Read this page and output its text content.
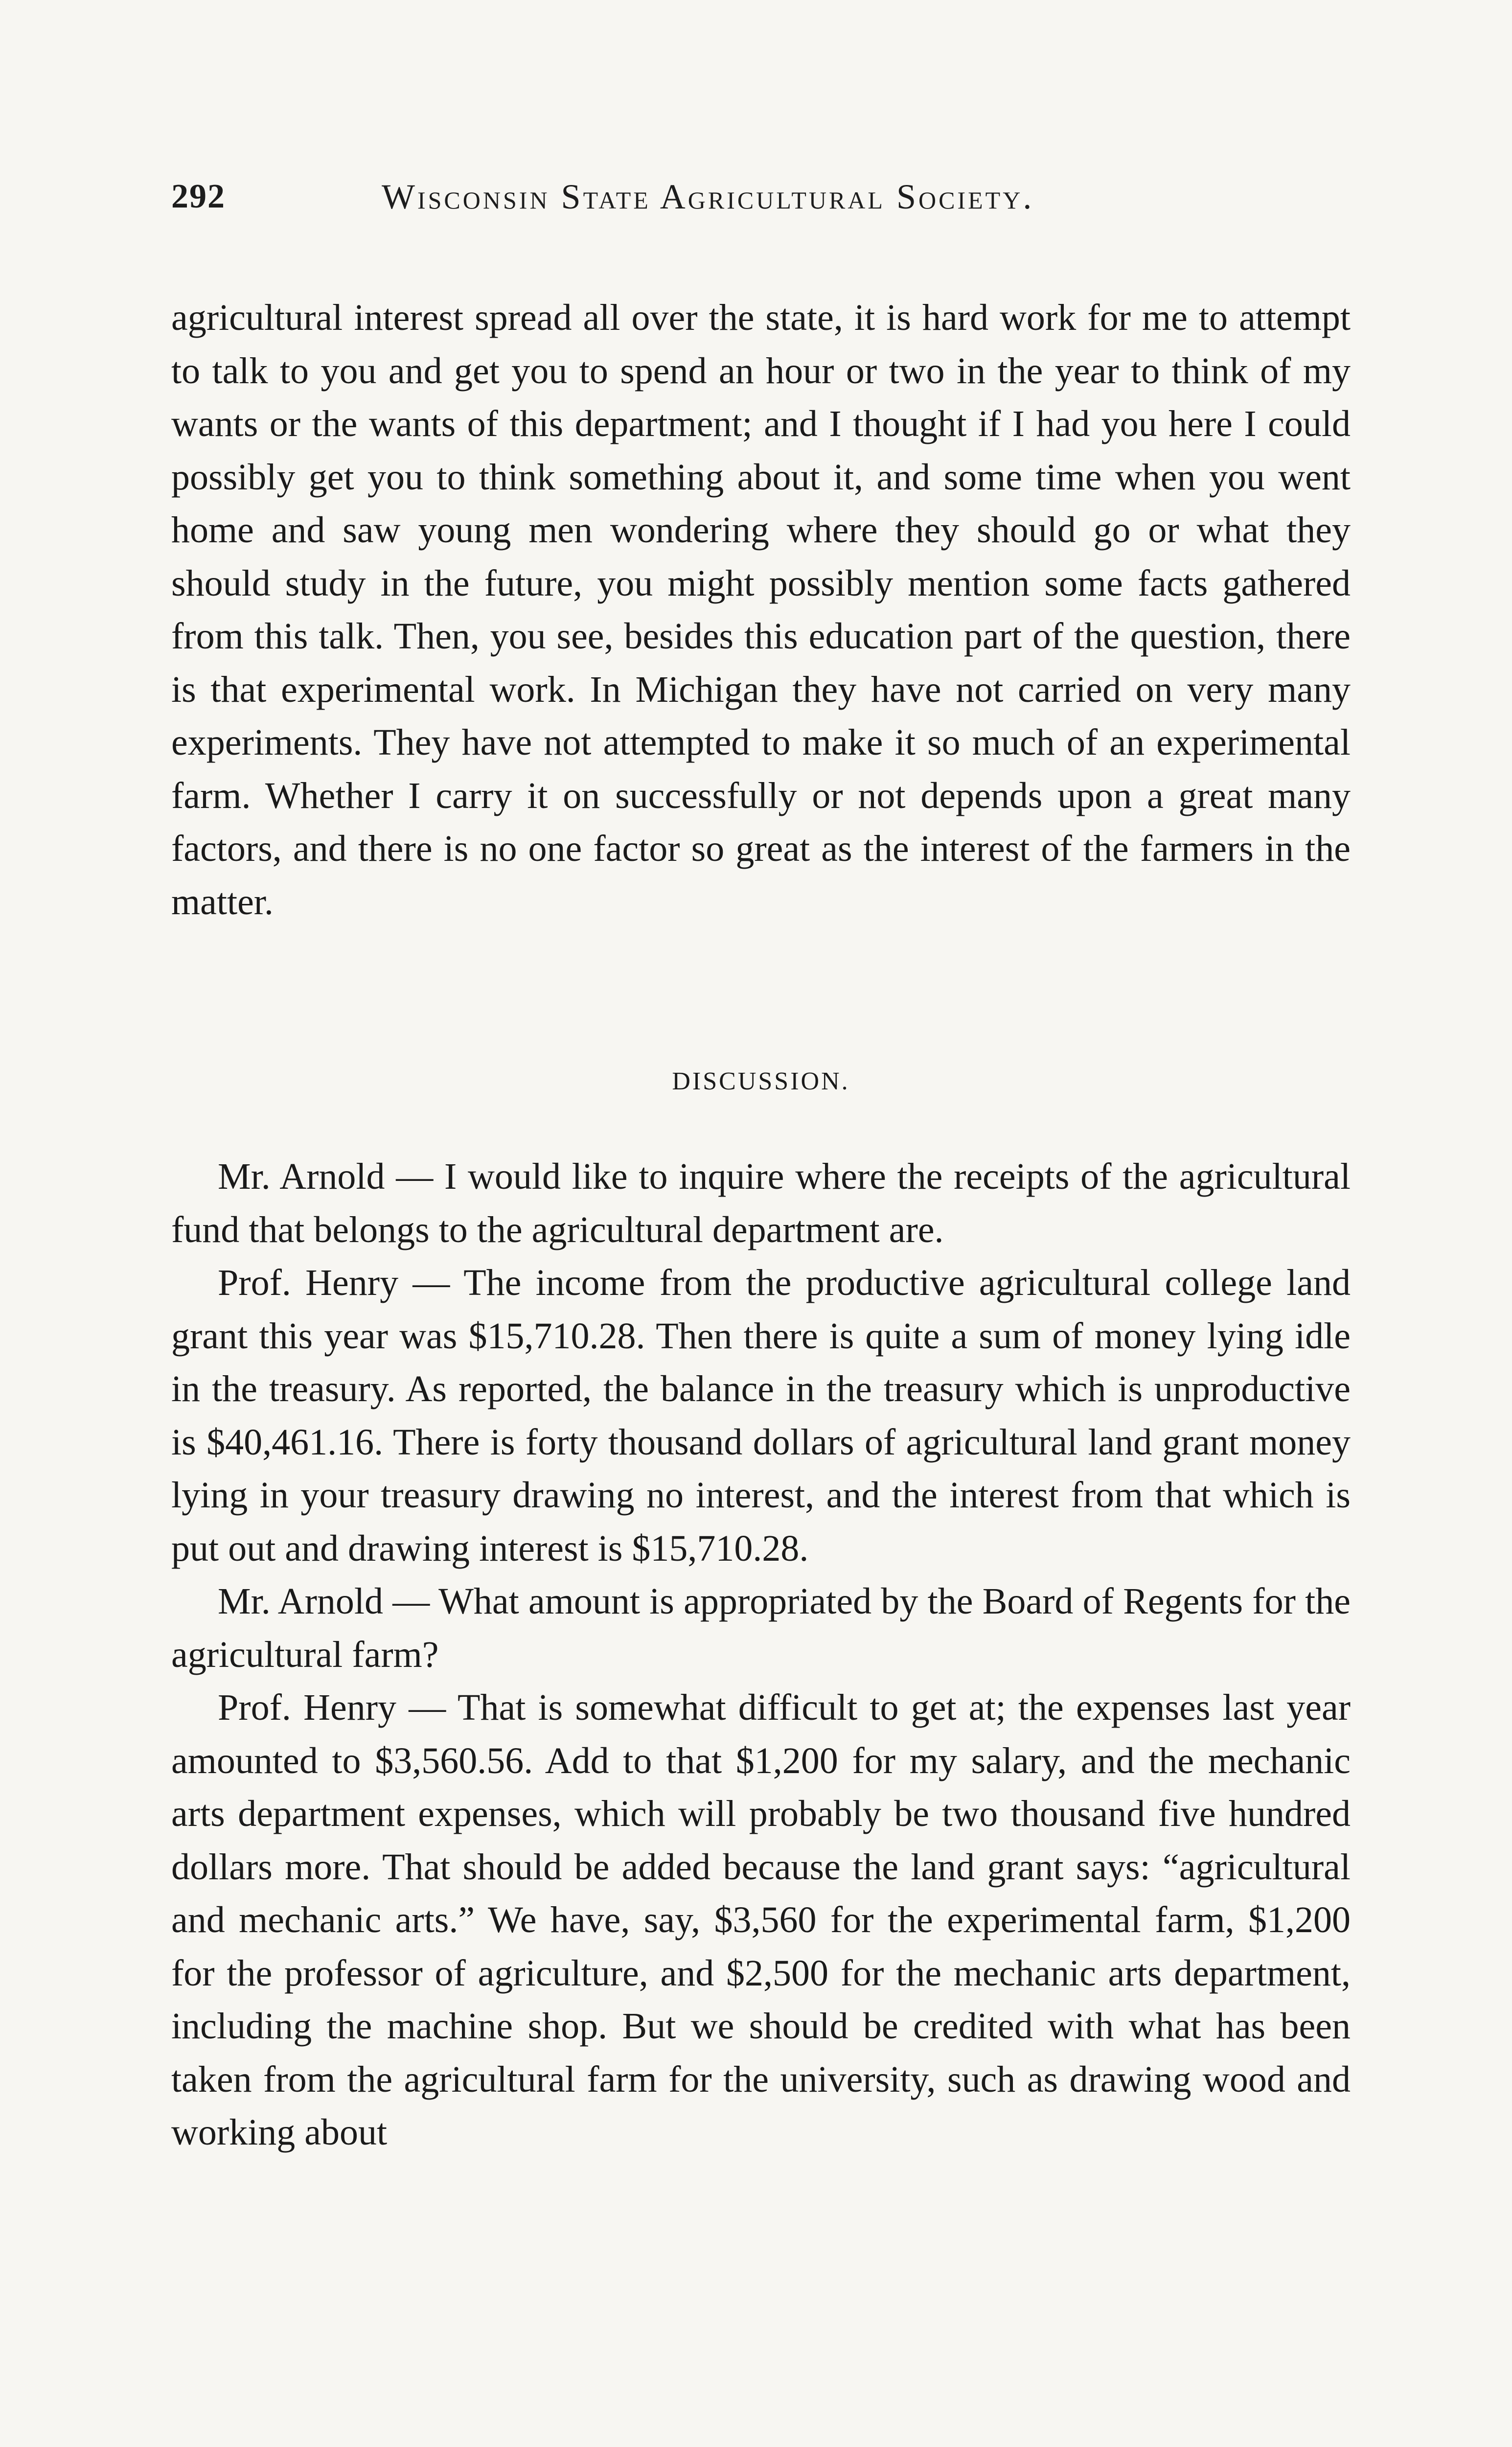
292	Wisconsin State Agricultural Society.

agricultural interest spread all over the state, it is hard work for me to attempt to talk to you and get you to spend an hour or two in the year to think of my wants or the wants of this department; and I thought if I had you here I could possibly get you to think something about it, and some time when you went home and saw young men wondering where they should go or what they should study in the future, you might possibly mention some facts gathered from this talk. Then, you see, besides this education part of the question, there is that experimental work. In Michigan they have not carried on very many experiments. They have not attempted to make it so much of an experimental farm. Whether I carry it on successfully or not depends upon a great many factors, and there is no one factor so great as the interest of the farmers in the matter.

DISCUSSION.

Mr. Arnold — I would like to inquire where the receipts of the agricultural fund that belongs to the agricultural department are.

Prof. Henry — The income from the productive agricultural college land grant this year was $15,710.28. Then there is quite a sum of money lying idle in the treasury. As reported, the balance in the treasury which is unproductive is $40,461.16. There is forty thousand dollars of agricultural land grant money lying in your treasury drawing no interest, and the interest from that which is put out and drawing interest is $15,710.28.

Mr. Arnold — What amount is appropriated by the Board of Regents for the agricultural farm?

Prof. Henry — That is somewhat difficult to get at; the expenses last year amounted to $3,560.56. Add to that $1,200 for my salary, and the mechanic arts department expenses, which will probably be two thousand five hundred dollars more. That should be added because the land grant says: “agricultural and mechanic arts.” We have, say, $3,560 for the experimental farm, $1,200 for the professor of agriculture, and $2,500 for the mechanic arts department, including the machine shop. But we should be credited with what has been taken from the agricultural farm for the university, such as drawing wood and working about
